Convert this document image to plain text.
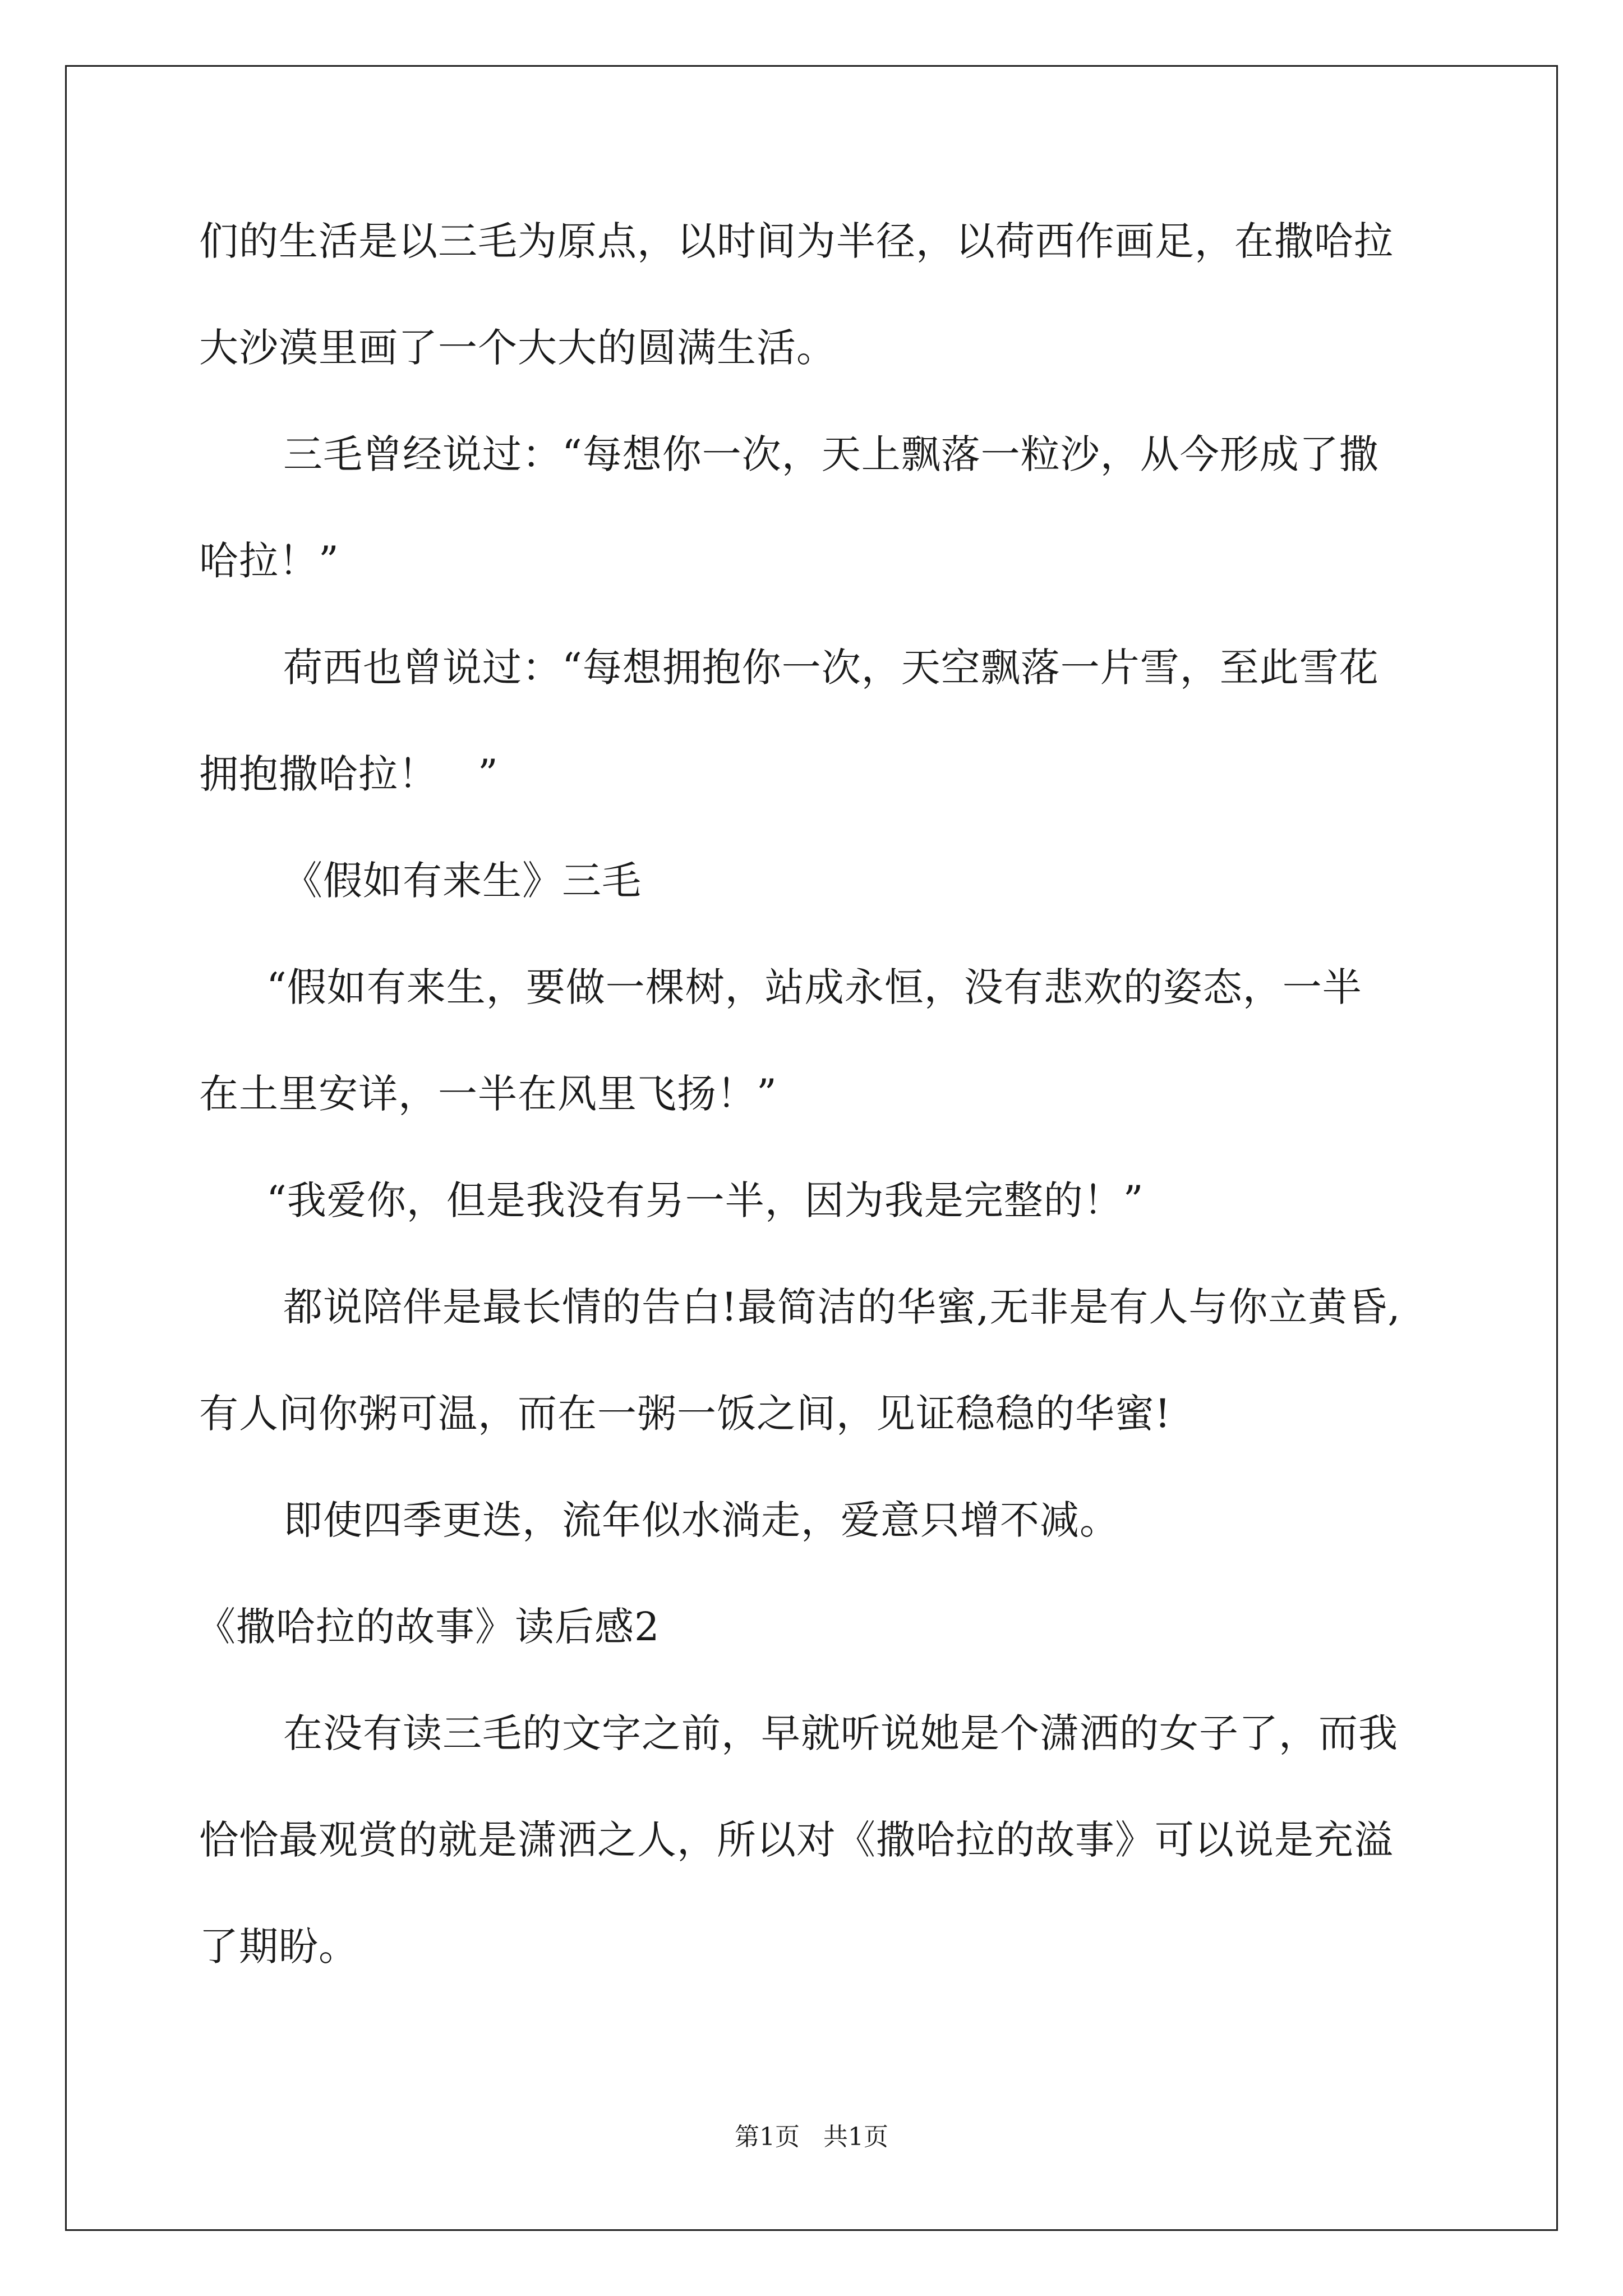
们的生活是以三毛为原点，以时间为半径，以荷西作画足，在撒哈拉
大沙漠里画了一个大大的圆满生活。
三毛曾经说过：“每想你一次，天上飘落一粒沙，从今形成了撒
哈拉！”
荷西也曾说过：“每想拥抱你一次，天空飘落一片雪，至此雪花
拥抱撒哈拉！　”
《假如有来生》三毛
“假如有来生，要做一棵树，站成永恒，没有悲欢的姿态，一半
在土里安详，一半在风里飞扬！”
“我爱你，但是我没有另一半，因为我是完整的！”
都说陪伴是最长情的告白!最简洁的华蜜,无非是有人与你立黄昏,
有人问你粥可温，而在一粥一饭之间，见证稳稳的华蜜!
即使四季更迭，流年似水淌走，爱意只增不减。
《撒哈拉的故事》读后感2
在没有读三毛的文字之前，早就听说她是个潇洒的女子了，而我
恰恰最观赏的就是潇洒之人，所以对《撒哈拉的故事》可以说是充溢
了期盼。
第1页 共1页
